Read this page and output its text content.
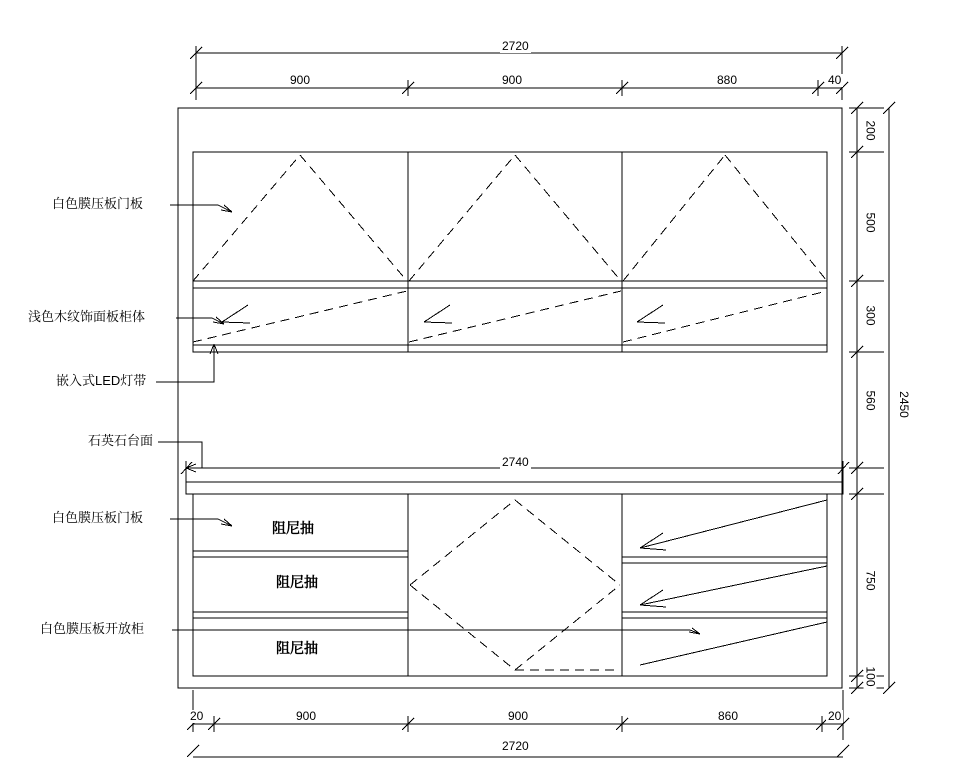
白色膜压板门板
浅色木纹饰面板柜体
嵌入式LED灯带
石英石台面
白色膜压板门板
白色膜压板开放柜
阻尼抽
阻尼抽
阻尼抽
2720
900	900	880	40
2740
20	900	900	860	20
2720
200
500
300
560
750
100
2450
